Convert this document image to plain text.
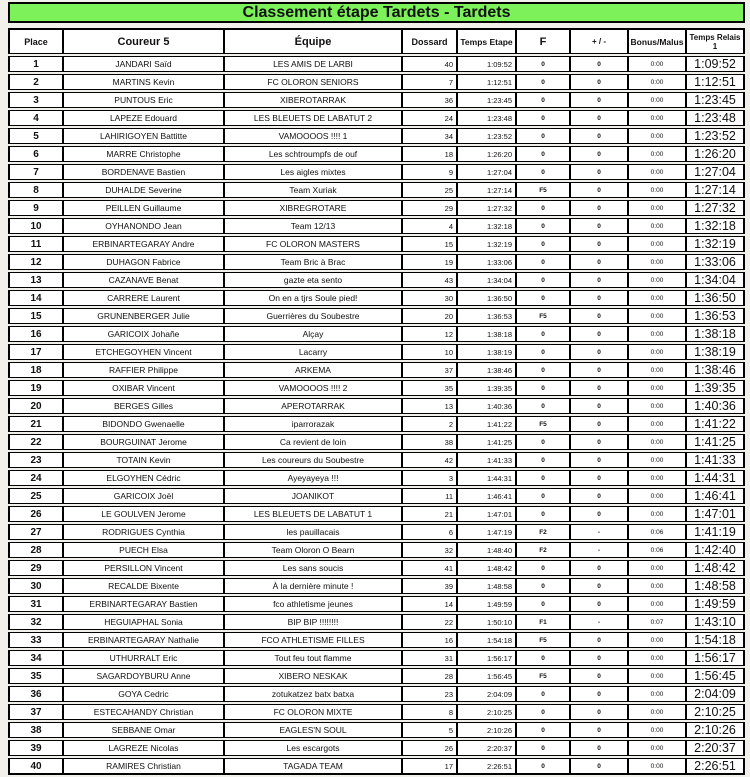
Classement étape Tardets - Tardets
Place	Coureur 5	Équipe	Dossard	Temps Etape	F	+ / -	Bonus/Malus	Temps Relais
1

1	JANDARI Saïd	LES AMIS DE LARBI	40	1:09:52	0	0	0:00	1:09:52
2	MARTINS Kevin	FC OLORON SENIORS	7	1:12:51	0	0	0:00	1:12:51
3	PUNTOUS Eric	XIBEROTARRAK	36	1:23:45	0	0	0:00	1:23:45
4	LAPEZE Edouard	LES BLEUETS DE LABATUT 2	24	1:23:48	0	0	0:00	1:23:48
5	LAHIRIGOYEN Battitte	VAMOOOOS !!!! 1	34	1:23:52	0	0	0:00	1:23:52
6	MARRE Christophe	Les schtroumpfs de ouf	18	1:26:20	0	0	0:00	1:26:20
7	BORDENAVE Bastien	Les aigles mixtes	9	1:27:04	0	0	0:00	1:27:04
8	DUHALDE Severine	Team Xuriak	25	1:27:14	F5	0	0:00	1:27:14
9	PEILLEN Guillaume	XIBREGROTARE	29	1:27:32	0	0	0:00	1:27:32
10	OYHANONDO Jean	Team 12/13	4	1:32:18	0	0	0:00	1:32:18
11	ERBINARTEGARAY Andre	FC OLORON MASTERS	15	1:32:19	0	0	0:00	1:32:19
12	DUHAGON Fabrice	Team Bric à Brac	19	1:33:06	0	0	0:00	1:33:06
13	CAZANAVE Benat	gazte eta sento	43	1:34:04	0	0	0:00	1:34:04
14	CARRERE Laurent	On en a tjrs Soule pied!	30	1:36:50	0	0	0:00	1:36:50
15	GRUNENBERGER Julie	Guerrières du Soubestre	20	1:36:53	F5	0	0:00	1:36:53
16	GARICOIX Johañe	Alçay	12	1:38:18	0	0	0:00	1:38:18
17	ETCHEGOYHEN Vincent	Lacarry	10	1:38:19	0	0	0:00	1:38:19
18	RAFFIER Philippe	ARKEMA	37	1:38:46	0	0	0:00	1:38:46
19	OXIBAR Vincent	VAMOOOOS !!!! 2	35	1:39:35	0	0	0:00	1:39:35
20	BERGES Gilles	APEROTARRAK	13	1:40:36	0	0	0:00	1:40:36
21	BIDONDO Gwenaelle	iparrorazak	2	1:41:22	F5	0	0:00	1:41:22
22	BOURGUINAT Jerome	Ca revient de loin	38	1:41:25	0	0	0:00	1:41:25
23	TOTAIN Kevin	Les coureurs du Soubestre	42	1:41:33	0	0	0:00	1:41:33
24	ELGOYHEN Cédric	Ayeyayeya !!!	3	1:44:31	0	0	0:00	1:44:31
25	GARICOIX Joël	JOANIKOT	11	1:46:41	0	0	0:00	1:46:41
26	LE GOULVEN Jerome	LES BLEUETS DE LABATUT 1	21	1:47:01	0	0	0:00	1:47:01
27	RODRIGUES Cynthia	les pauillacais	6	1:47:19	F2	-	0:06	1:41:19
28	PUECH Elsa	Team Oloron O Bearn	32	1:48:40	F2	-	0:06	1:42:40
29	PERSILLON Vincent	Les sans soucis	41	1:48:42	0	0	0:00	1:48:42
30	RECALDE Bixente	À la dernière minute !	39	1:48:58	0	0	0:00	1:48:58
31	ERBINARTEGARAY Bastien	fco athletisme jeunes	14	1:49:59	0	0	0:00	1:49:59
32	HEGUIAPHAL Sonia	BIP BIP !!!!!!!!	22	1:50:10	F1	-	0:07	1:43:10
33	ERBINARTEGARAY Nathalie	FCO ATHLETISME FILLES	16	1:54:18	F5	0	0:00	1:54:18
34	UTHURRALT Eric	Tout feu tout flamme	31	1:56:17	0	0	0:00	1:56:17
35	SAGARDOYBURU Anne	XIBERO NESKAK	28	1:56:45	F5	0	0:00	1:56:45
36	GOYA Cedric	zotukatzez batx batxa	23	2:04:09	0	0	0:00	2:04:09
37	ESTECAHANDY Christian	FC OLORON MIXTE	8	2:10:25	0	0	0:00	2:10:25
38	SEBBANE Omar	EAGLES'N SOUL	5	2:10:26	0	0	0:00	2:10:26
39	LAGREZE Nicolas	Les escargots	26	2:20:37	0	0	0:00	2:20:37
40	RAMIRES Christian	TAGADA TEAM	17	2:26:51	0	0	0:00	2:26:51
